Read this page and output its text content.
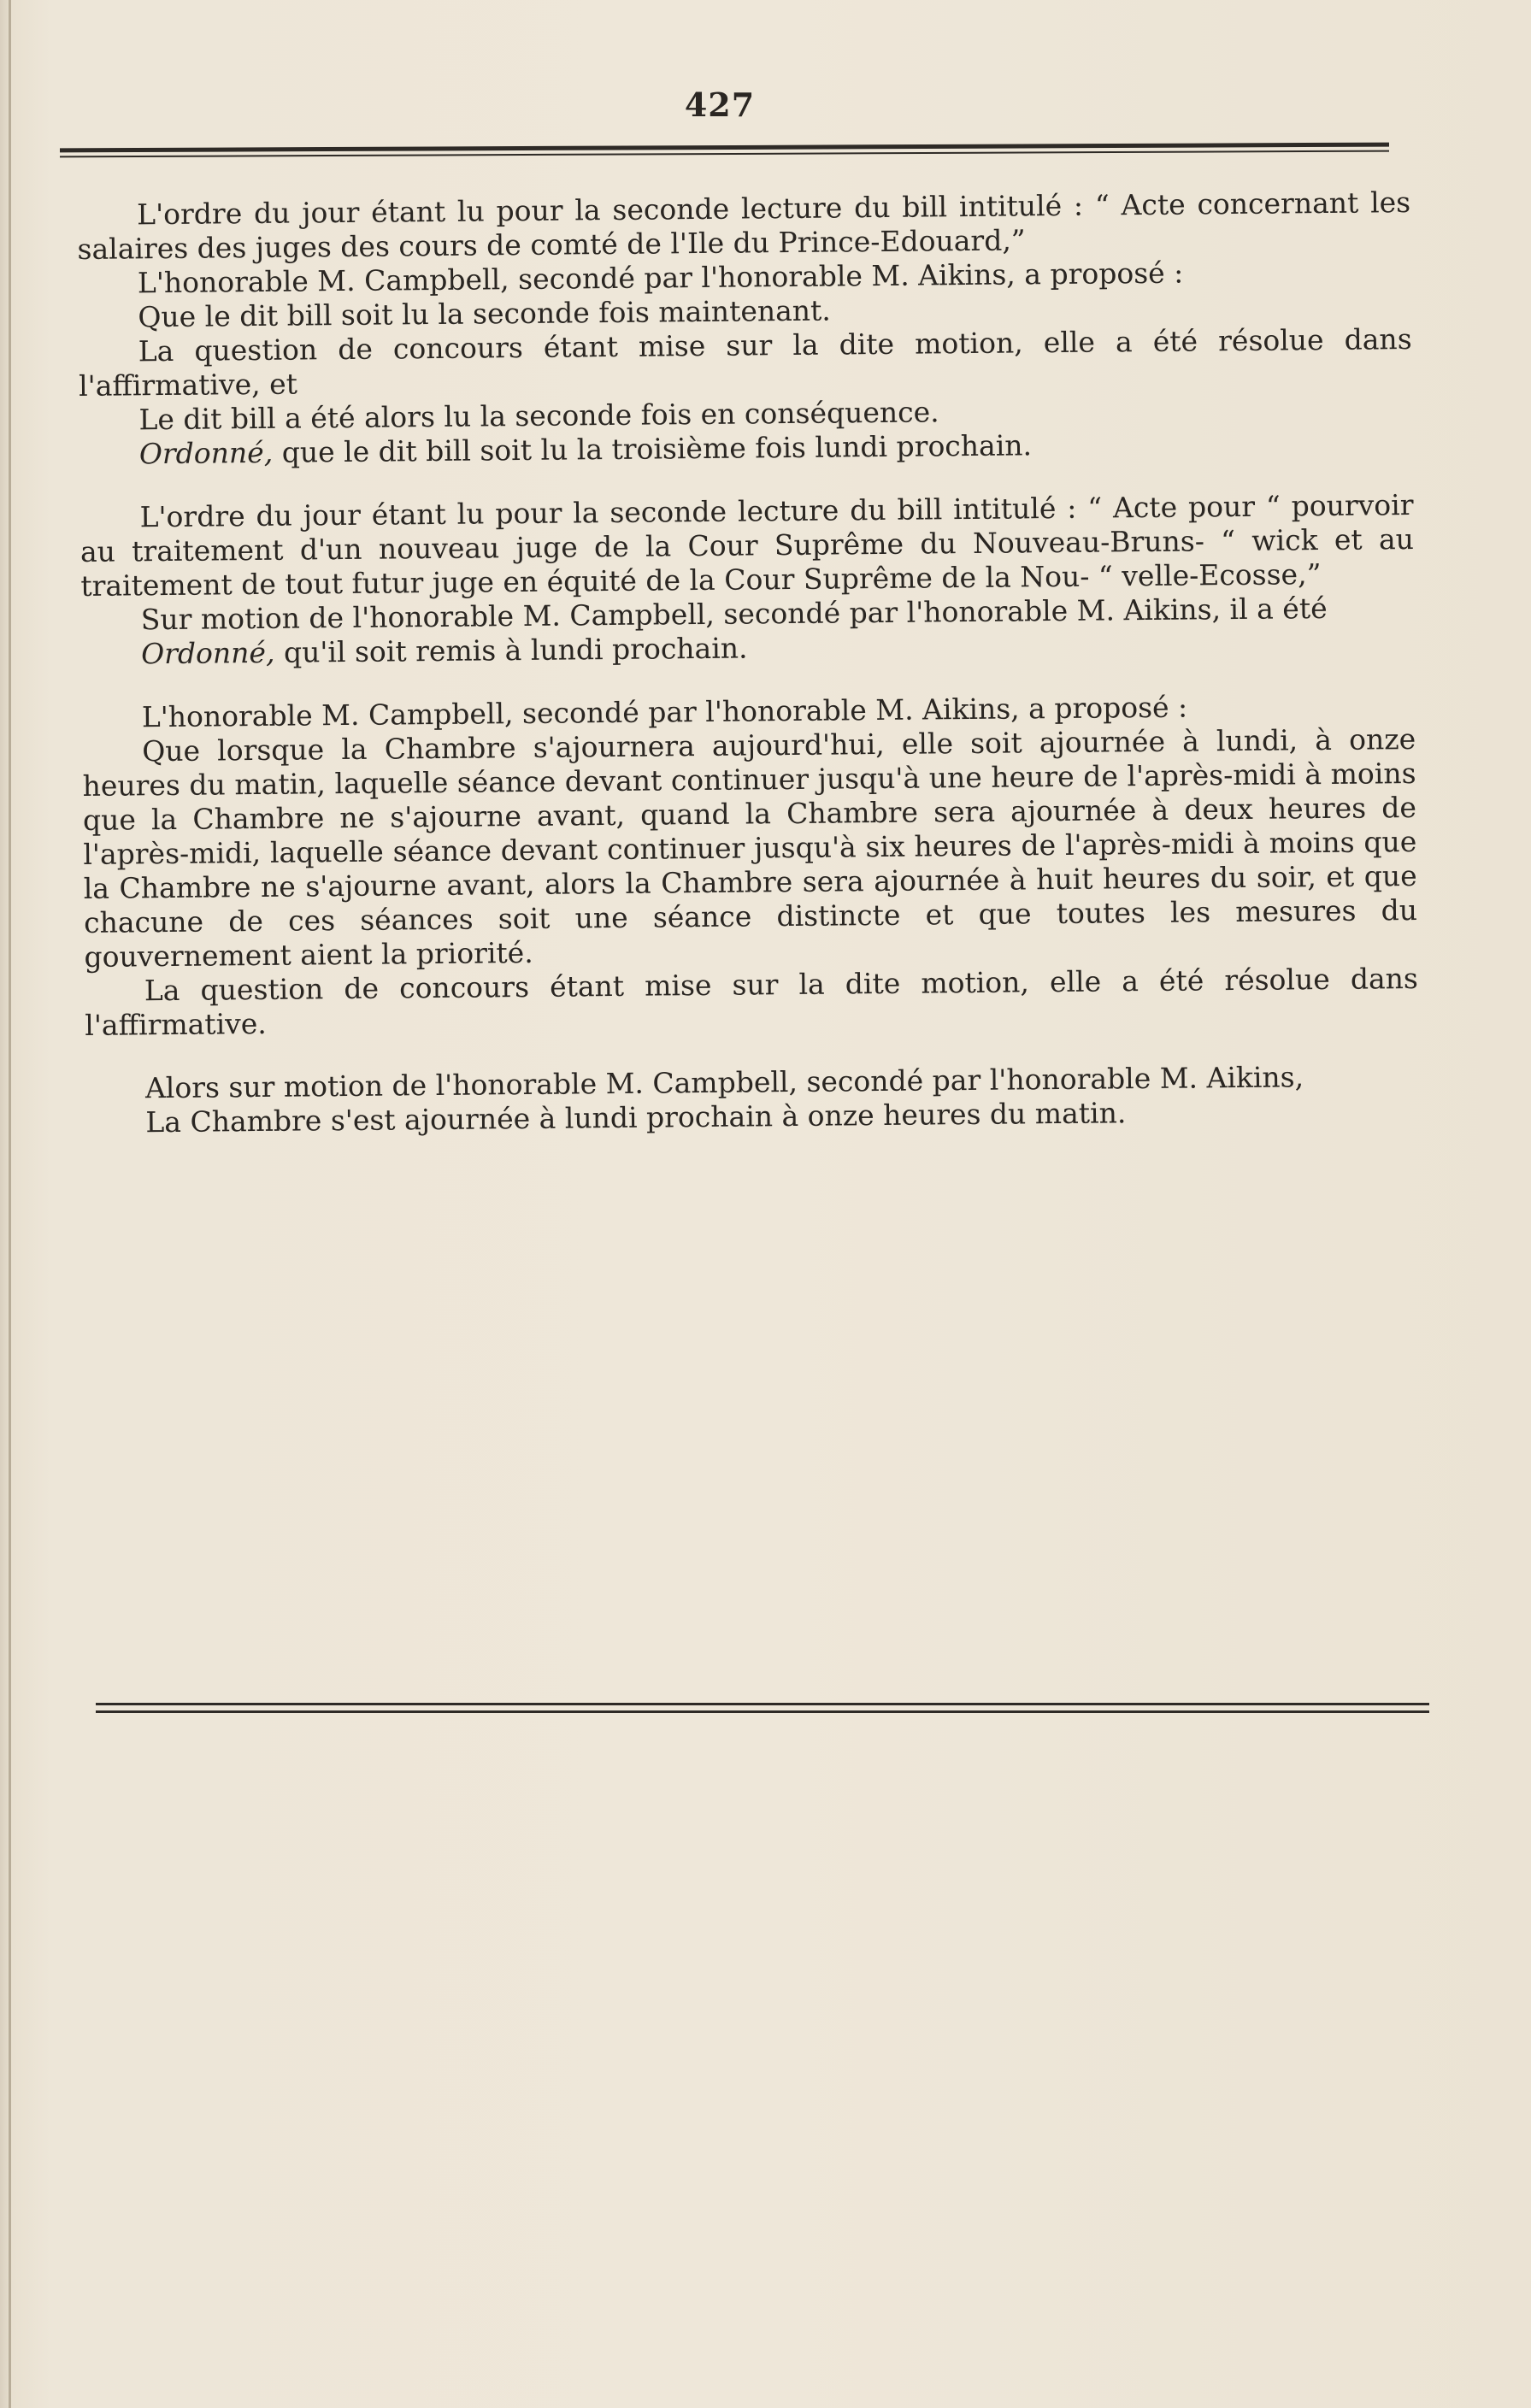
427

L'ordre du jour étant lu pour la seconde lecture du bill intitulé : “ Acte concernant les salaires des juges des cours de comté de l'Ile du Prince-Edouard,”

L'honorable M. Campbell, secondé par l'honorable M. Aikins, a proposé :

Que le dit bill soit lu la seconde fois maintenant.

La question de concours étant mise sur la dite motion, elle a été résolue dans l'affirmative, et

Le dit bill a été alors lu la seconde fois en conséquence.

Ordonné, que le dit bill soit lu la troisième fois lundi prochain.

L'ordre du jour étant lu pour la seconde lecture du bill intitulé : “ Acte pour “ pourvoir au traitement d'un nouveau juge de la Cour Suprême du Nouveau-Bruns- “ wick et au traitement de tout futur juge en équité de la Cour Suprême de la Nou- “ velle-Ecosse,”

Sur motion de l'honorable M. Campbell, secondé par l'honorable M. Aikins, il a été

Ordonné, qu'il soit remis à lundi prochain.

L'honorable M. Campbell, secondé par l'honorable M. Aikins, a proposé :

Que lorsque la Chambre s'ajournera aujourd'hui, elle soit ajournée à lundi, à onze heures du matin, laquelle séance devant continuer jusqu'à une heure de l'après-midi à moins que la Chambre ne s'ajourne avant, quand la Chambre sera ajournée à deux heures de l'après-midi, laquelle séance devant continuer jusqu'à six heures de l'après-midi à moins que la Chambre ne s'ajourne avant, alors la Chambre sera ajournée à huit heures du soir, et que chacune de ces séances soit une séance distincte et que toutes les mesures du gouvernement aient la priorité.

La question de concours étant mise sur la dite motion, elle a été résolue dans l'affirmative.

Alors sur motion de l'honorable M. Campbell, secondé par l'honorable M. Aikins,

La Chambre s'est ajournée à lundi prochain à onze heures du matin.
